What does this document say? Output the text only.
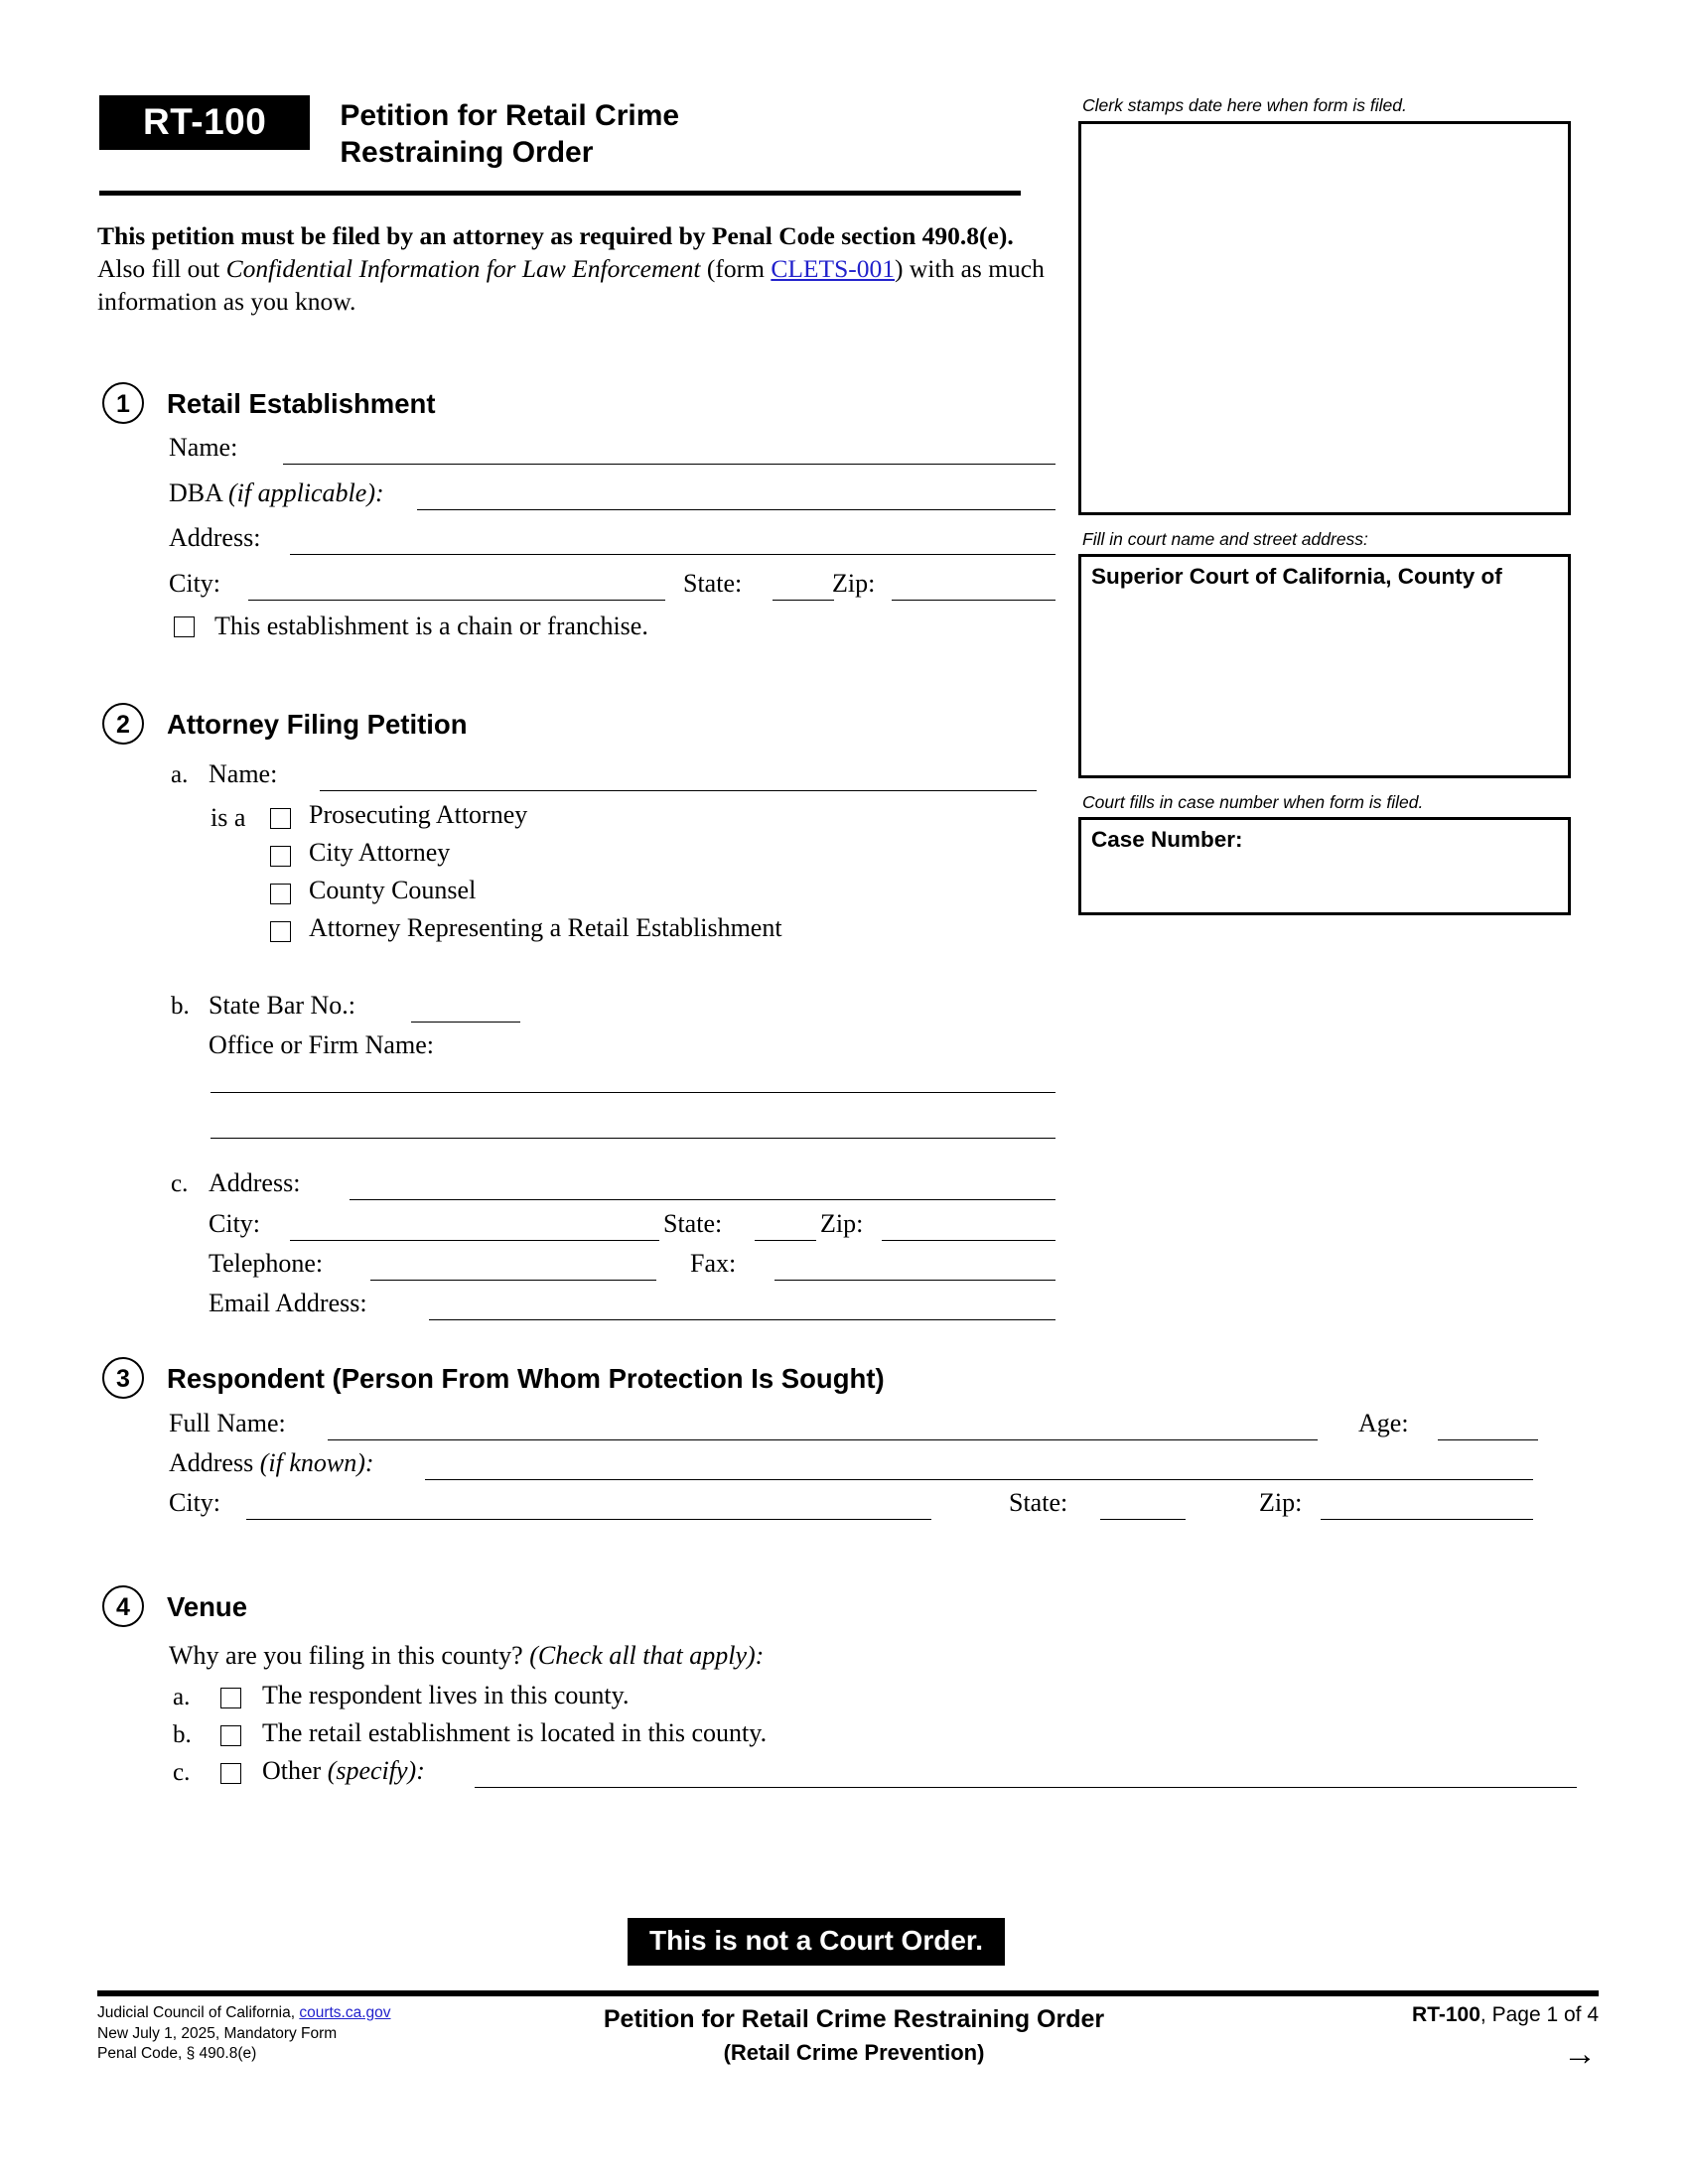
RT-100 Petition for Retail Crime
Restraining Order
This petition must be filed by an attorney as required by Penal Code section 490.8(e). Also fill out Confidential Information for Law Enforcement (form CLETS-001) with as much information as you know.
Clerk stamps date here when form is filed.
Fill in court name and street address:
Superior Court of California, County of
Court fills in case number when form is filed.
Case Number:
1	Retail Establishment
Name:
DBA (if applicable):
Address:
City:	State:	Zip:
This establishment is a chain or franchise.
2	Attorney Filing Petition
a. Name:
is a Prosecuting Attorney
City Attorney
County Counsel
Attorney Representing a Retail Establishment
b. State Bar No.:
Office or Firm Name:
c. Address:
City:	State:	Zip:
Telephone:	Fax:
Email Address:
3	Respondent (Person From Whom Protection Is Sought)
Full Name:	Age:
Address (if known):
City:	State:	Zip:
4	Venue
Why are you filing in this county? (Check all that apply):
a.	The respondent lives in this county.
b.	The retail establishment is located in this county.
c.	Other (specify):
This is not a Court Order.
Judicial Council of California, courts.ca.gov
New July 1, 2025, Mandatory Form
Penal Code, § 490.8(e)
Petition for Retail Crime Restraining Order
(Retail Crime Prevention)
RT-100, Page 1 of 4
→
